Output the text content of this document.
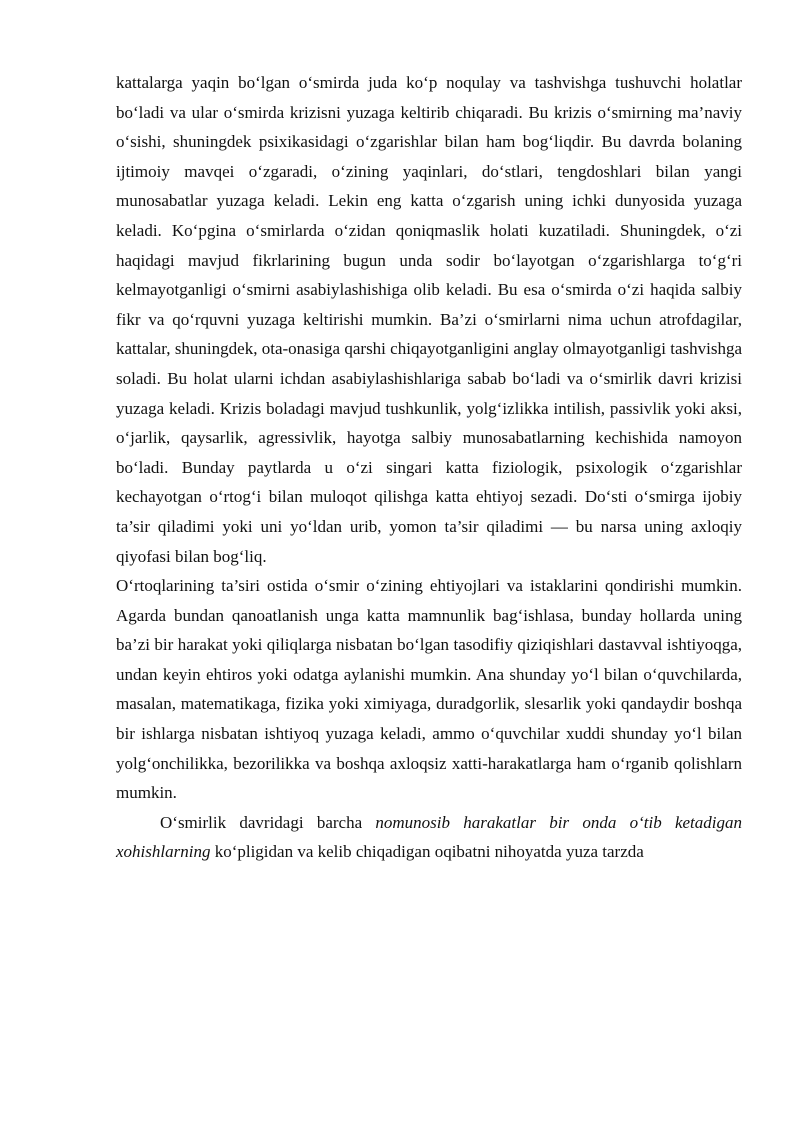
kattalarga yaqin bo‘lgan o‘smirda juda ko‘p noqulay va tashvishga tushuvchi holatlar bo‘ladi va ular o‘smirda krizisni yuzaga keltirib chiqaradi. Bu krizis o‘smirning ma’naviy o‘sishi, shuningdek psixikasidagi o‘zgarishlar bilan ham bog‘liqdir. Bu davrda bolaning ijtimoiy mavqei o‘zgaradi, o‘zining yaqinlari, do‘stlari, tengdoshlari bilan yangi munosabatlar yuzaga keladi. Lekin eng katta o‘zgarish uning ichki dunyosida yuzaga keladi. Ko‘pgina o‘smirlarda o‘zidan qoniqmaslik holati kuzatiladi. Shuningdek, o‘zi haqidagi mavjud fikrlarining bugun unda sodir bo‘layotgan o‘zgarishlarga to‘g‘ri kelmayotganligi o‘smirni asabiylashishiga olib keladi. Bu esa o‘smirda o‘zi haqida salbiy fikr va qo‘rquvni yuzaga keltirishi mumkin. Ba’zi o‘smirlarni nima uchun atrofdagilar, kattalar, shuningdek, ota-onasiga qarshi chiqayotganligini anglay olmayotganligi tashvishga soladi. Bu holat ularni ichdan asabiylashishlariga sabab bo‘ladi va o‘smirlik davri krizisi yuzaga keladi. Krizis boladagi mavjud tushkunlik, yolg‘izlikka intilish, passivlik yoki aksi, o‘jarlik, qaysarlik, agressivlik, hayotga salbiy munosabatlarning kechishida namoyon bo‘ladi. Bunday paytlarda u o‘zi singari katta fiziologik, psixologik o‘zgarishlar kechayotgan o‘rtog‘i bilan muloqot qilishga katta ehtiyoj sezadi. Do‘sti o‘smirga ijobiy ta’sir qiladimi yoki uni yo‘ldan urib, yomon ta’sir qiladimi — bu narsa uning axloqiy qiyofasi bilan bog‘liq.

O‘rtoqlarining ta’siri ostida o‘smir o‘zining ehtiyojlari va istaklarini qondirishi mumkin. Agarda bundan qanoatlanish unga katta mamnunlik bag‘ishlasa, bunday hollarda uning ba’zi bir harakat yoki qiliqlarga nisbatan bo‘lgan tasodifiy qiziqishlari dastavval ishtiyoqga, undan keyin ehtiros yoki odatga aylanishi mumkin. Ana shunday yo‘l bilan o‘quvchilarda, masalan, matematikaga, fizika yoki ximiyaga, duradgorlik, slesarlik yoki qandaydir boshqa bir ishlarga nisbatan ishtiyoq yuzaga keladi, ammo o‘quvchilar xuddi shunday yo‘l bilan yolg‘onchilikka, bezorilikka va boshqa axloqsiz xatti-harakatlarga ham o‘rganib qolishlarn mumkin.

O‘smirlik davridagi barcha nomunosib harakatlar bir onda o‘tib ketadigan xohishlarning ko‘pligidan va kelib chiqadigan oqibatni nihoyatda yuza tarzda
